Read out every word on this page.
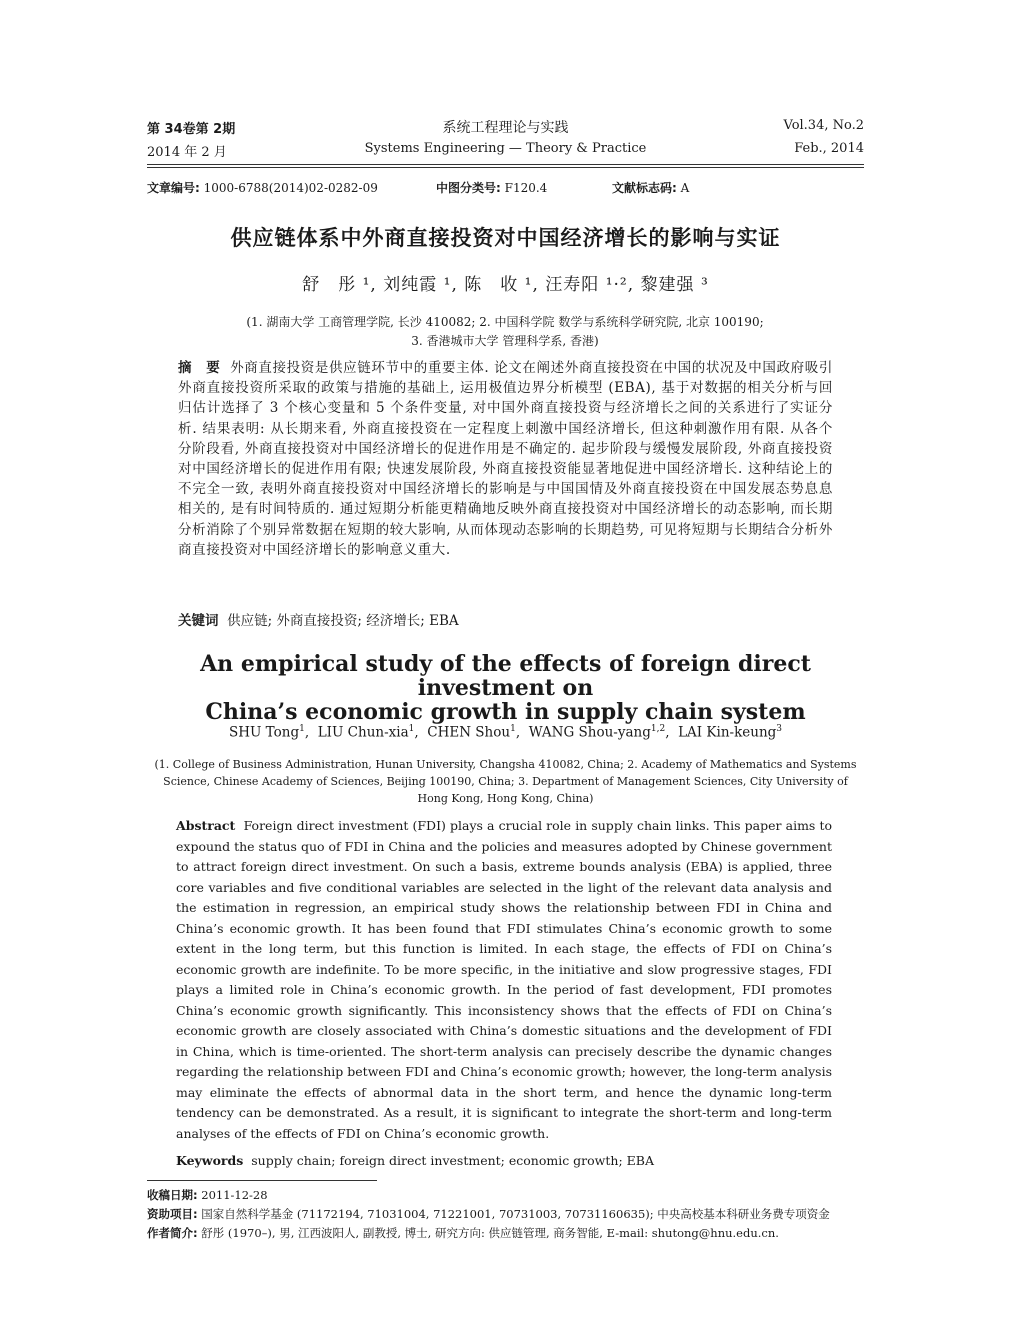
第 34卷第 2期
2014 年 2 月
系统工程理论与实践
Systems Engineering — Theory & Practice
Vol.34, No.2
Feb., 2014
文章编号: 1000-6788(2014)02-0282-09	中图分类号: F120.4	文献标志码: A
供应链体系中外商直接投资对中国经济增长的影响与实证
舒　彤 ¹, 刘纯霞 ¹, 陈　收 ¹, 汪寿阳 ¹·², 黎建强 ³
(1. 湖南大学 工商管理学院, 长沙 410082; 2. 中国科学院 数学与系统科学研究院, 北京 100190;
3. 香港城市大学 管理科学系, 香港)
摘　要 外商直接投资是供应链环节中的重要主体. 论文在阐述外商直接投资在中国的状况及中国政府吸引外商直接投资所采取的政策与措施的基础上, 运用极值边界分析模型 (EBA), 基于对数据的相关分析与回归估计选择了 3 个核心变量和 5 个条件变量, 对中国外商直接投资与经济增长之间的关系进行了实证分析. 结果表明: 从长期来看, 外商直接投资在一定程度上刺激中国经济增长, 但这种刺激作用有限. 从各个分阶段看, 外商直接投资对中国经济增长的促进作用是不确定的. 起步阶段与缓慢发展阶段, 外商直接投资对中国经济增长的促进作用有限; 快速发展阶段, 外商直接投资能显著地促进中国经济增长. 这种结论上的不完全一致, 表明外商直接投资对中国经济增长的影响是与中国国情及外商直接投资在中国发展态势息息相关的, 是有时间特质的. 通过短期分析能更精确地反映外商直接投资对中国经济增长的动态影响, 而长期分析消除了个别异常数据在短期的较大影响, 从而体现动态影响的长期趋势, 可见将短期与长期结合分析外商直接投资对中国经济增长的影响意义重大.
关键词 供应链; 外商直接投资; 经济增长; EBA
An empirical study of the effects of foreign direct investment on
China’s economic growth in supply chain system
SHU Tong$^1$,  LIU Chun-xia$^1$,  CHEN Shou$^1$,  WANG Shou-yang$^{1,2}$,  LAI Kin-keung$^3$
(1. College of Business Administration, Hunan University, Changsha 410082, China; 2. Academy of Mathematics and Systems
Science, Chinese Academy of Sciences, Beijing 100190, China; 3. Department of Management Sciences, City University of
Hong Kong, Hong Kong, China)
Abstract Foreign direct investment (FDI) plays a crucial role in supply chain links. This paper aims to expound the status quo of FDI in China and the policies and measures adopted by Chinese government to attract foreign direct investment. On such a basis, extreme bounds analysis (EBA) is applied, three core variables and five conditional variables are selected in the light of the relevant data analysis and the estimation in regression, an empirical study shows the relationship between FDI in China and China’s economic growth. It has been found that FDI stimulates China’s economic growth to some extent in the long term, but this function is limited. In each stage, the effects of FDI on China’s economic growth are indefinite. To be more specific, in the initiative and slow progressive stages, FDI plays a limited role in China’s economic growth. In the period of fast development, FDI promotes China’s economic growth significantly. This inconsistency shows that the effects of FDI on China’s economic growth are closely associated with China’s domestic situations and the development of FDI in China, which is time-oriented. The short-term analysis can precisely describe the dynamic changes regarding the relationship between FDI and China’s economic growth; however, the long-term analysis may eliminate the effects of abnormal data in the short term, and hence the dynamic long-term tendency can be demonstrated. As a result, it is significant to integrate the short-term and long-term analyses of the effects of FDI on China’s economic growth.
Keywords supply chain; foreign direct investment; economic growth; EBA
收稿日期: 2011-12-28
资助项目: 国家自然科学基金 (71172194, 71031004, 71221001, 70731003, 70731160635); 中央高校基本科研业务费专项资金
作者简介: 舒彤 (1970–), 男, 江西波阳人, 副教授, 博士, 研究方向: 供应链管理, 商务智能, E-mail: shutong@hnu.edu.cn.
